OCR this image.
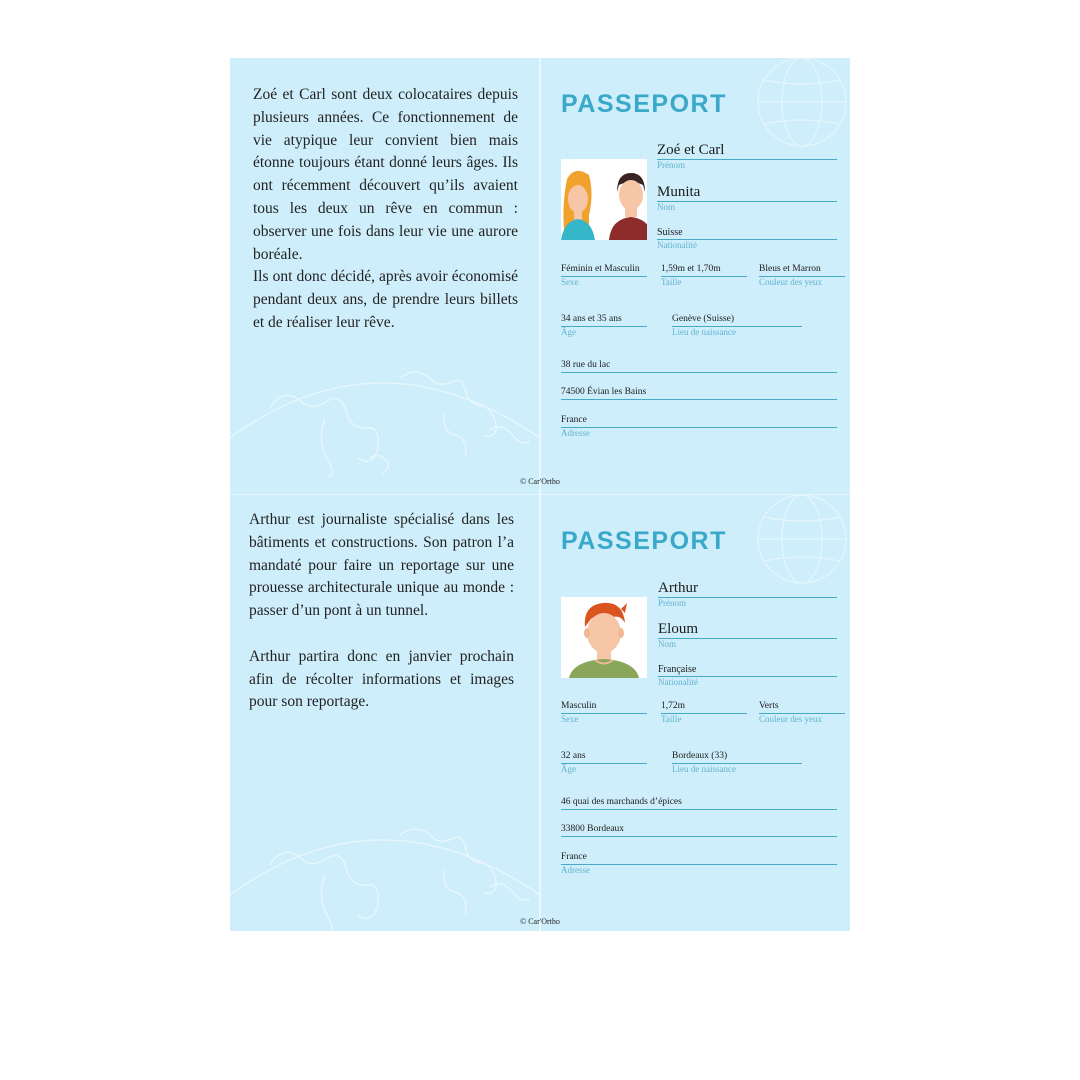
Zoé et Carl sont deux colocataires depuis plusieurs années. Ce fonctionnement de vie atypique leur convient bien mais étonne toujours étant donné leurs âges. Ils ont récemment découvert qu’ils avaient tous les deux un rêve en commun : observer une fois dans leur vie une aurore boréale.

Ils ont donc décidé, après avoir économisé pendant deux ans, de prendre leurs billets et de réaliser leur rêve.

© Car'Ortho
PASSEPORT
Zoé et Carl
Prénom
Munita
Nom
Suisse
Nationalité
Féminin et Masculin
Sexe
1,59m et 1,70m
Taille
Bleus et Marron
Couleur des yeux
34 ans et 35 ans
Âge
Genève (Suisse)
Lieu de naissance
38 rue du lac
74500 Évian les Bains
France
Adresse

Arthur est journaliste spécialisé dans les bâtiments et constructions. Son patron l’a mandaté pour faire un reportage sur une prouesse architecturale unique au monde : passer d’un pont à un tunnel.

Arthur partira donc en janvier prochain afin de récolter informations et images pour son reportage.

© Car'Ortho
PASSEPORT
Arthur
Prénom
Eloum
Nom
Française
Nationalité
Masculin
Sexe
1,72m
Taille
Verts
Couleur des yeux
32 ans
Âge
Bordeaux (33)
Lieu de naissance
46 quai des marchands d’épices
33800 Bordeaux
France
Adresse
